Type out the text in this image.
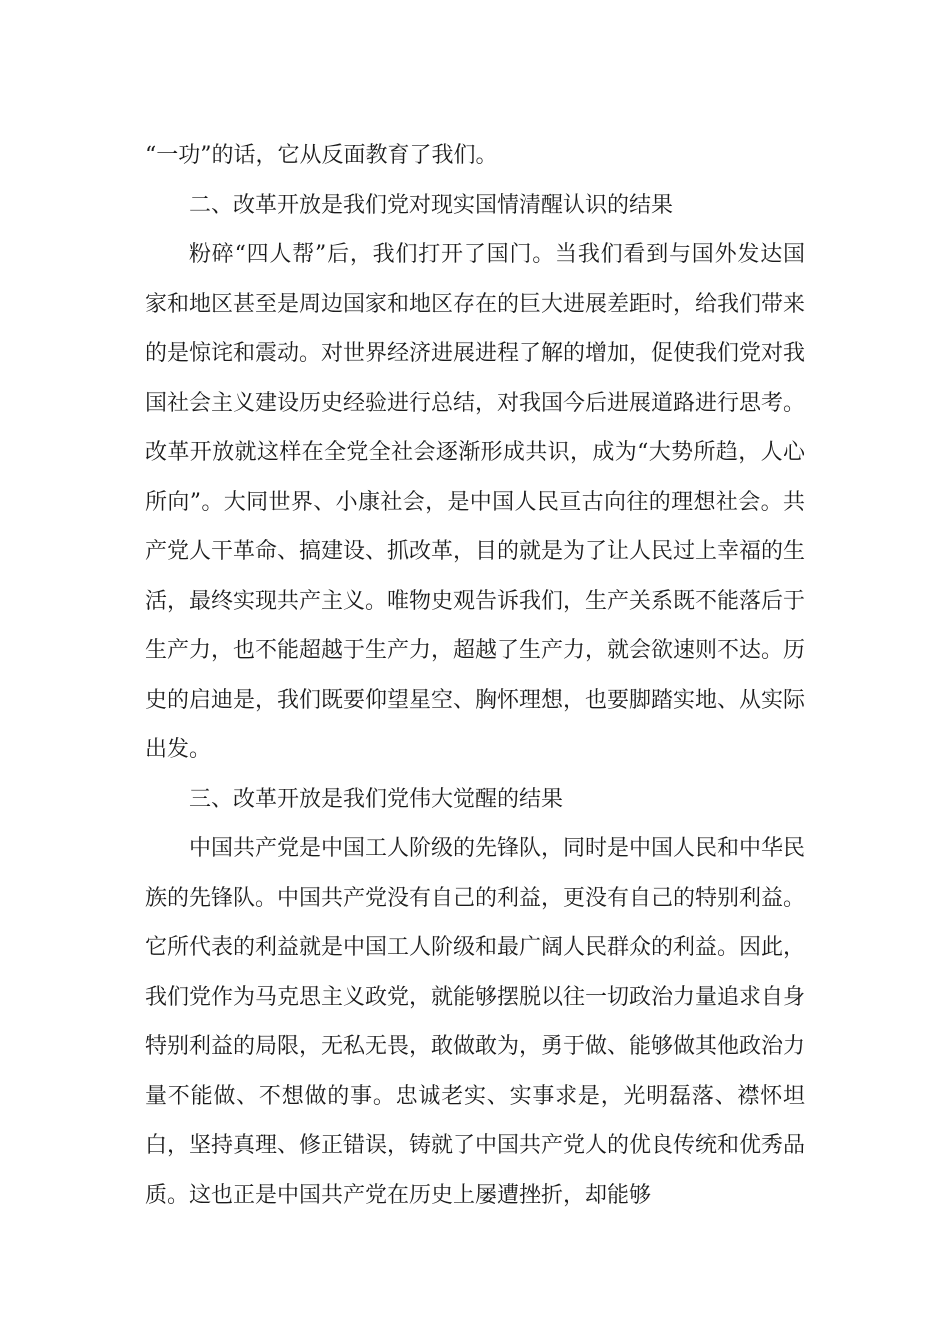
“一功”的话，它从反面教育了我们。

二、改革开放是我们党对现实国情清醒认识的结果

粉碎“四人帮”后，我们打开了国门。当我们看到与国外发达国家和地区甚至是周边国家和地区存在的巨大进展差距时，给我们带来的是惊诧和震动。对世界经济进展进程了解的增加，促使我们党对我国社会主义建设历史经验进行总结，对我国今后进展道路进行思考。改革开放就这样在全党全社会逐渐形成共识，成为“大势所趋，人心所向”。大同世界、小康社会，是中国人民亘古向往的理想社会。共产党人干革命、搞建设、抓改革，目的就是为了让人民过上幸福的生活，最终实现共产主义。唯物史观告诉我们，生产关系既不能落后于生产力，也不能超越于生产力，超越了生产力，就会欲速则不达。历史的启迪是，我们既要仰望星空、胸怀理想，也要脚踏实地、从实际出发。

三、改革开放是我们党伟大觉醒的结果

中国共产党是中国工人阶级的先锋队，同时是中国人民和中华民族的先锋队。中国共产党没有自己的利益，更没有自己的特别利益。它所代表的利益就是中国工人阶级和最广阔人民群众的利益。因此，我们党作为马克思主义政党，就能够摆脱以往一切政治力量追求自身特别利益的局限，无私无畏，敢做敢为，勇于做、能够做其他政治力量不能做、不想做的事。忠诚老实、实事求是，光明磊落、襟怀坦白，坚持真理、修正错误，铸就了中国共产党人的优良传统和优秀品质。这也正是中国共产党在历史上屡遭挫折，却能够
